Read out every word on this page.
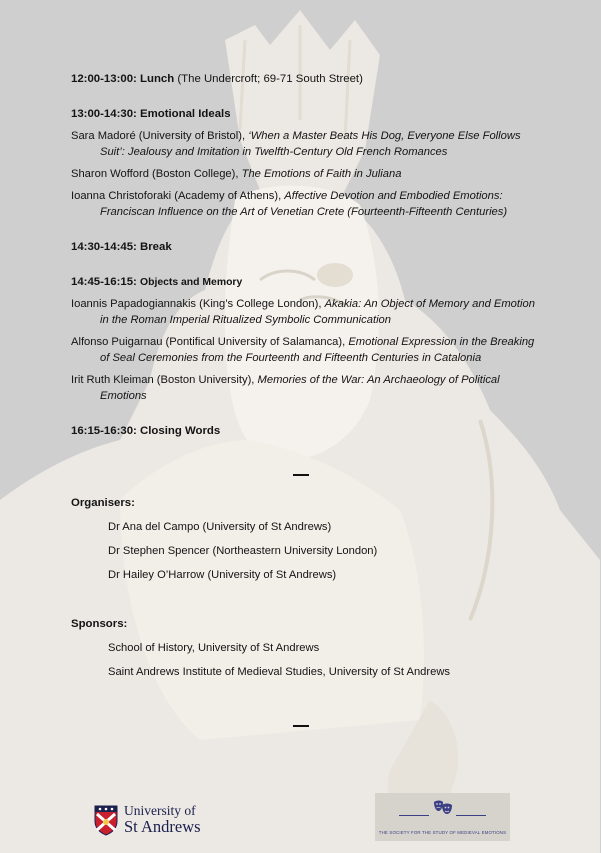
12:00-13:00: Lunch (The Undercroft; 69-71 South Street)
13:00-14:30: Emotional Ideals
Sara Madoré (University of Bristol), ‘When a Master Beats His Dog, Everyone Else Follows
Suit’: Jealousy and Imitation in Twelfth-Century Old French Romances
Sharon Wofford (Boston College), The Emotions of Faith in Juliana
Ioanna Christoforaki (Academy of Athens), Affective Devotion and Embodied Emotions:
Franciscan Influence on the Art of Venetian Crete (Fourteenth-Fifteenth Centuries)
14:30-14:45: Break
14:45-16:15: Objects and Memory
Ioannis Papadogiannakis (King’s College London), Akakia: An Object of Memory and Emotion
in the Roman Imperial Ritualized Symbolic Communication
Alfonso Puigarnau (Pontifical University of Salamanca), Emotional Expression in the Breaking
of Seal Ceremonies from the Fourteenth and Fifteenth Centuries in Catalonia
Irit Ruth Kleiman (Boston University), Memories of the War: An Archaeology of Political
Emotions
16:15-16:30: Closing Words
Organisers:
Dr Ana del Campo (University of St Andrews)
Dr Stephen Spencer (Northeastern University London)
Dr Hailey O’Harrow (University of St Andrews)
Sponsors:
School of History, University of St Andrews
Saint Andrews Institute of Medieval Studies, University of St Andrews
University of
St Andrews	THE SOCIETY FOR THE STUDY OF MEDIEVAL EMOTIONS
